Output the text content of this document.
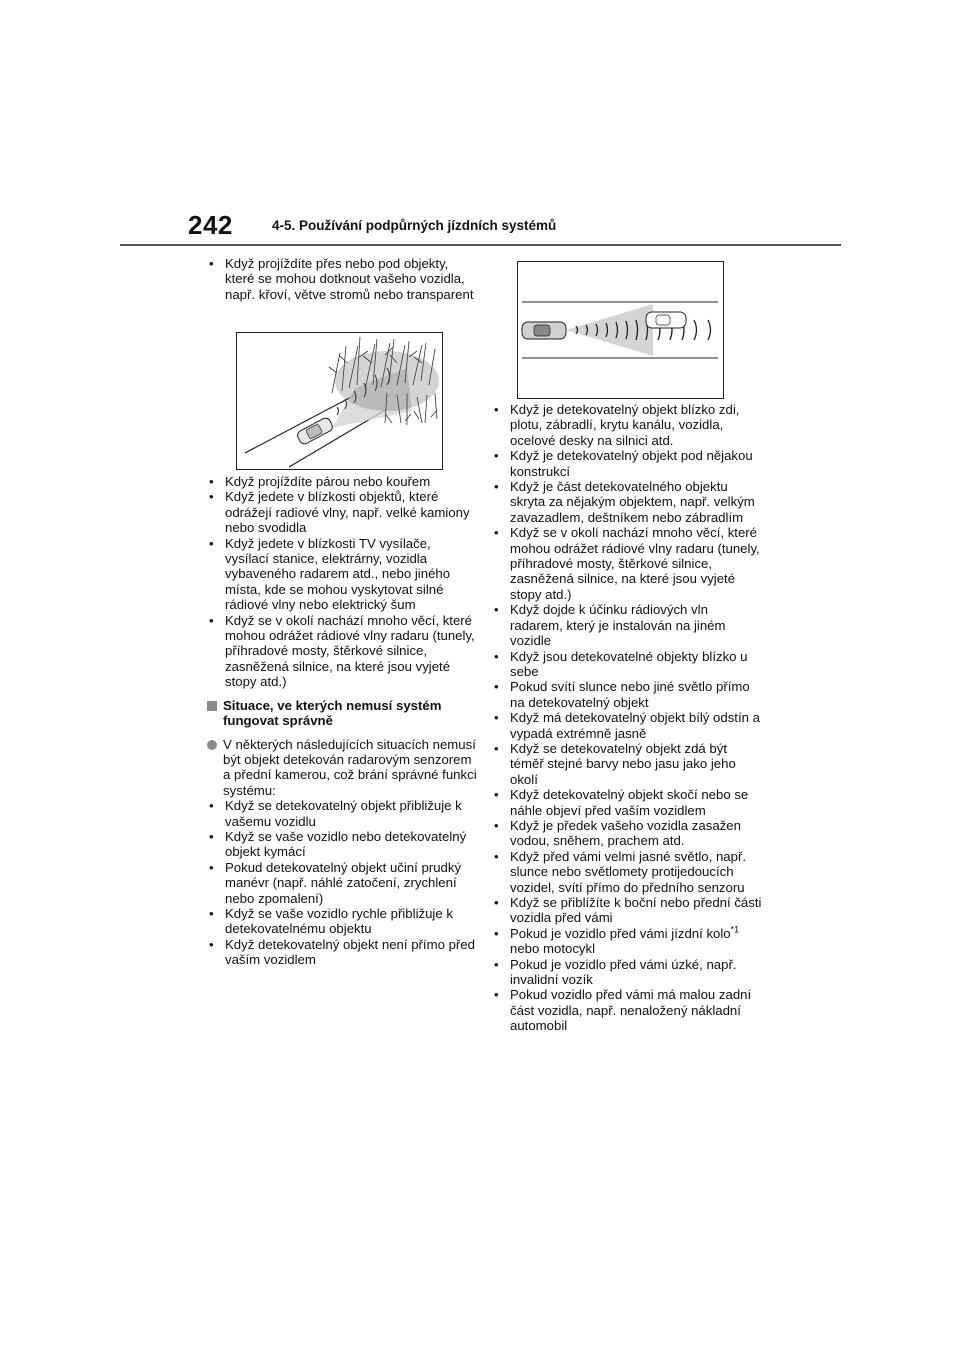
242	4-5. Používání podpůrných jízdních systémů
• Když projíždíte přes nebo pod objekty, které se mohou dotknout vašeho vozidla, např. křoví, větve stromů nebo transparent
• Když projíždíte párou nebo kouřem
• Když jedete v blízkosti objektů, které odrážejí radiové vlny, např. velké kamiony nebo svodidla
• Když jedete v blízkosti TV vysílače, vysílací stanice, elektrárny, vozidla vybaveného radarem atd., nebo jiného místa, kde se mohou vyskytovat silné rádiové vlny nebo elektrický šum
• Když se v okolí nachází mnoho věcí, které mohou odrážet rádiové vlny radaru (tunely, příhradové mosty, štěrkové silnice, zasněžená silnice, na které jsou vyjeté stopy atd.)
Situace, ve kterých nemusí systém fungovat správně
V některých následujících situacích nemusí být objekt detekován radarovým senzorem a přední kamerou, což brání správné funkci systému:
• Když se detekovatelný objekt přibližuje k vašemu vozidlu
• Když se vaše vozidlo nebo detekovatelný objekt kymácí
• Pokud detekovatelný objekt učiní prudký manévr (např. náhlé zatočení, zrychlení nebo zpomalení)
• Když se vaše vozidlo rychle přibližuje k detekovatelnému objektu
• Když detekovatelný objekt není přímo před vaším vozidlem
• Když je detekovatelný objekt blízko zdi, plotu, zábradlí, krytu kanálu, vozidla, ocelové desky na silnici atd.
• Když je detekovatelný objekt pod nějakou konstrukcí
• Když je část detekovatelného objektu skryta za nějakým objektem, např. velkým zavazadlem, deštníkem nebo zábradlím
• Když se v okolí nachází mnoho věcí, které mohou odrážet rádiové vlny radaru (tunely, příhradové mosty, štěrkové silnice, zasněžená silnice, na které jsou vyjeté stopy atd.)
• Když dojde k účinku rádiových vln radarem, který je instalován na jiném vozidle
• Když jsou detekovatelné objekty blízko u sebe
• Pokud svítí slunce nebo jiné světlo přímo na detekovatelný objekt
• Když má detekovatelný objekt bílý odstín a vypadá extrémně jasně
• Když se detekovatelný objekt zdá být téměř stejné barvy nebo jasu jako jeho okolí
• Když detekovatelný objekt skočí nebo se náhle objeví před vaším vozidlem
• Když je předek vašeho vozidla zasažen vodou, sněhem, prachem atd.
• Když před vámi velmi jasné světlo, např. slunce nebo světlomety protijedoucích vozidel, svítí přímo do předního senzoru
• Když se přiblížíte k boční nebo přední části vozidla před vámi
• Pokud je vozidlo před vámi jízdní kolo$^{*1}$ nebo motocykl
• Pokud je vozidlo před vámi úzké, např. invalidní vozík
• Pokud vozidlo před vámi má malou zadní část vozidla, např. nenaložený nákladní automobil
